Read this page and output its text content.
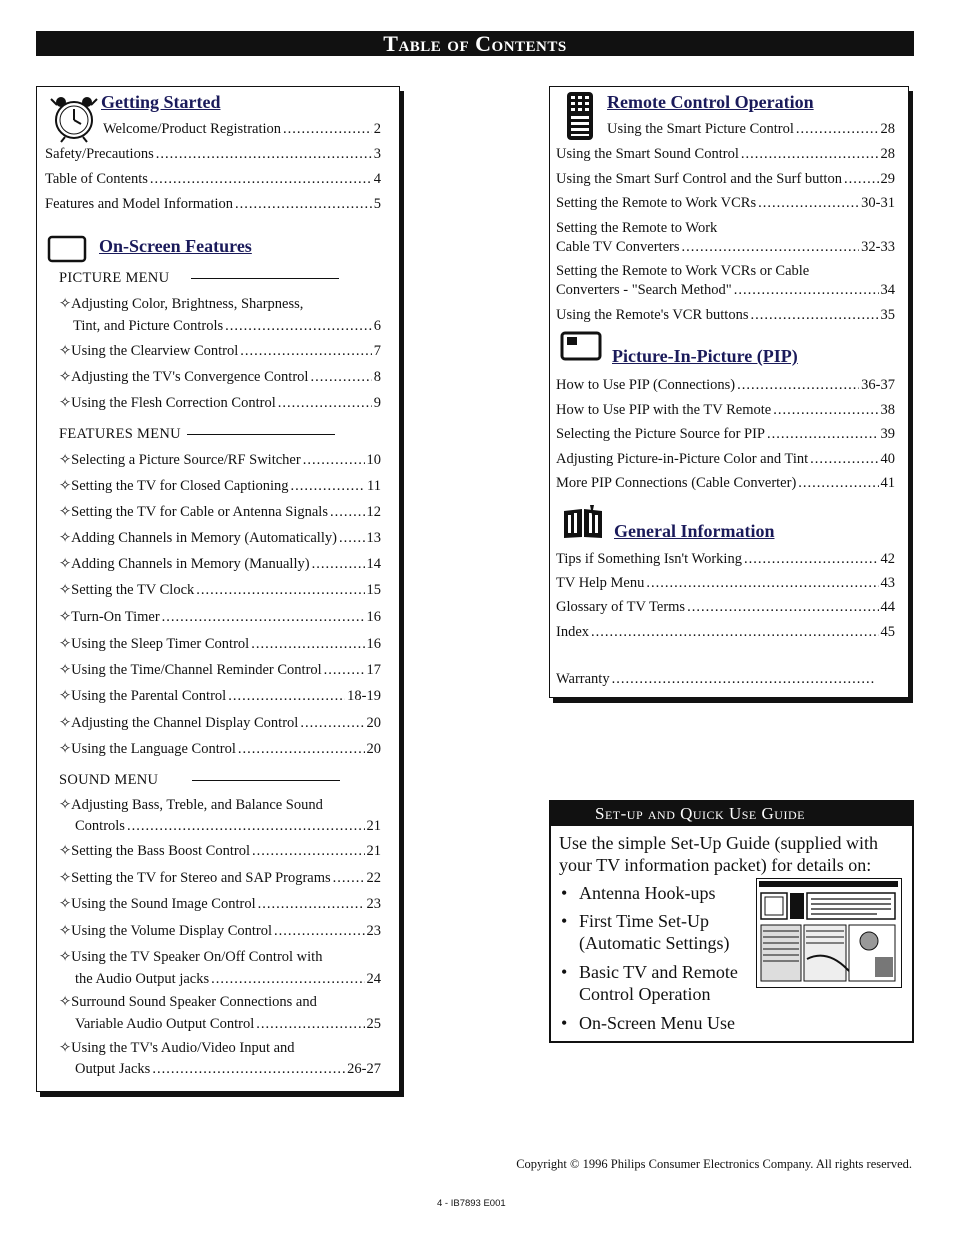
Table of Contents
Getting Started
Welcome/Product Registration .....	2
Safety/Precautions .....	3
Table of Contents .....	4
Features and Model Information .....	5
On-Screen Features
PICTURE MENU
✧Adjusting Color, Brightness, Sharpness,
Tint, and Picture Controls .....	6
✧Using the Clearview Control .....	7
✧Adjusting the TV's Convergence Control .....	8
✧Using the Flesh Correction Control .....	9
FEATURES MENU
✧Selecting a Picture Source/RF Switcher .....	10
✧Setting the TV for Closed Captioning .....	11
✧Setting the TV for Cable or Antenna Signals .....	12
✧Adding Channels in Memory (Automatically) ..... 13
✧Adding Channels in Memory (Manually) .....	14
✧Setting the TV Clock .....	15
✧Turn-On Timer .....	16
✧Using the Sleep Timer Control .....	16
✧Using the Time/Channel Reminder Control .....	17
✧Using the Parental Control .....	18-19
✧Adjusting the Channel Display Control .....	20
✧Using the Language Control .....	20
SOUND MENU
✧Adjusting Bass, Treble, and Balance Sound
Controls .....	21
✧Setting the Bass Boost Control .....	21
✧Setting the TV for Stereo and SAP Programs ..... 22
✧Using the Sound Image Control .....	23
✧Using the Volume Display Control .....	23
✧Using the TV Speaker On/Off Control with
the Audio Output jacks .....	24
✧Surround Sound Speaker Connections and
Variable Audio Output Control .....	25
✧Using the TV's Audio/Video Input and
Output Jacks .....	26-27
Remote Control Operation
Using the Smart Picture Control .....	28
Using the Smart Sound Control .....	28
Using the Smart Surf Control and the Surf button .....	29
Setting the Remote to Work VCRs .....	30-31
Setting the Remote to Work
Cable TV Converters .....	32-33
Setting the Remote to Work VCRs or Cable
Converters - "Search Method" .....	34
Using the Remote's VCR buttons .....	35
Picture-In-Picture (PIP)
How to Use PIP (Connections) .....	36-37
How to Use PIP with the TV Remote .....	38
Selecting the Picture Source for PIP .....	39
Adjusting Picture-in-Picture Color and Tint .....	40
More PIP Connections (Cable Converter) .....	41
General Information
Tips if Something Isn't Working .....	42
TV Help Menu .....	43
Glossary of TV Terms .....	44
Index .....	45
Warranty
.....
Set-up and Quick Use Guide
Use the simple Set-Up Guide (supplied with your TV information packet) for details on:
• Antenna Hook-ups
• First Time Set-Up
(Automatic Settings)
• Basic TV and Remote
Control Operation
• On-Screen Menu Use
Copyright © 1996 Philips Consumer Electronics Company. All rights reserved.
4 - IB7893 E001
